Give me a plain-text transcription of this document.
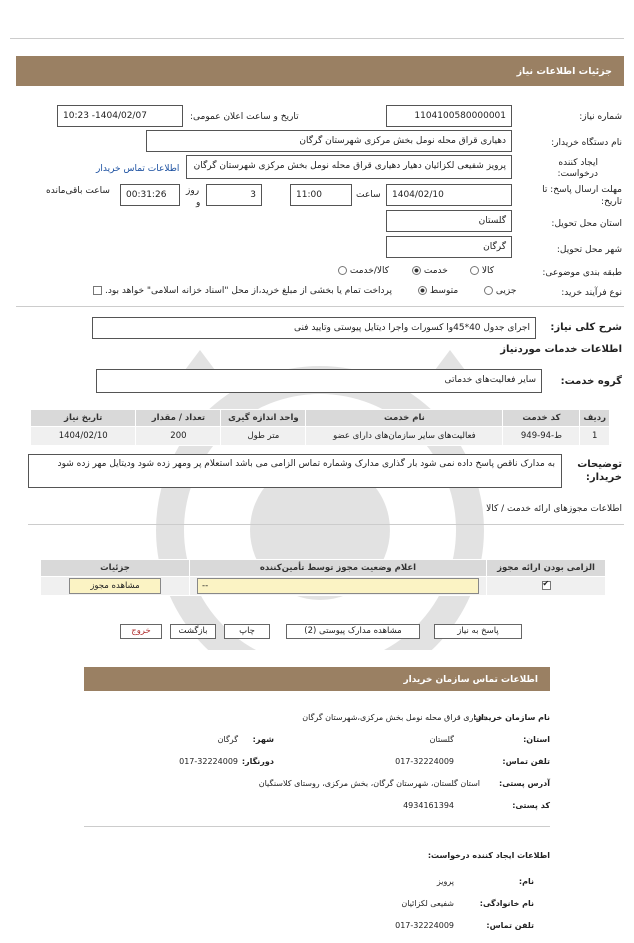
جزئیات اطلاعات نیاز
شماره نیاز:
1104100580000001
تاریخ و ساعت اعلان عمومی:
1404/02/07- 10:23
نام دستگاه خریدار:
دهیاری قراق محله نومل بخش مرکزی شهرستان گرگان
ایجاد کننده
درخواست:
پرویز شفیعی لکزائیان دهیار دهیاری قراق محله نومل بخش مرکزی شهرستان گرگان
اطلاعات تماس خریدار
مهلت ارسال پاسخ: تا
تاریخ:
1404/02/10
ساعت
11:00
3
روز
و
00:31:26
ساعت باقی‌مانده
استان محل تحویل:
گلستان
شهر محل تحویل:
گرگان
طبقه بندی موضوعی:
کالا
خدمت
کالا/خدمت
نوع فرآیند خرید:
جزیی
متوسط
پرداخت تمام یا بخشی از مبلغ خرید،از محل "اسناد خزانه اسلامی" خواهد بود.
شرح کلی نیاز:
اجرای جدول 40*45وا کسورات واجرا دیتایل پیوستی وتایید فنی
اطلاعات خدمات موردنیاز
گروه خدمت:
سایر فعالیت‌های خدماتی
ردیف	کد خدمت	نام خدمت	واحد اندازه گیری	تعداد / مقدار	تاریخ نیاز
1	ط-94-949	فعالیت‌های سایر سازمان‌های دارای عضو	متر طول	200	1404/02/10
توضیحات
خریدار:
به مدارک ناقص پاسخ داده نمی شود بار گذاری مدارک وشماره تماس الزامی می باشد استعلام پر ومهر زده شود ودیتایل مهر زده شود
اطلاعات مجوزهای ارائه خدمت / کالا
الزامی بودن ارائه مجوز	اعلام وضعیت مجوز توسط تأمین‌کننده	جزئیات

✔	--	مشاهده مجوز
پاسخ به نیاز
مشاهده مدارک پیوستی (2)
چاپ
بازگشت
خروج
اطلاعات تماس سازمان خریدار
نام سازمان خریدار:
دهیاری قراق محله نومل بخش مرکزی،شهرستان گرگان
استان:
گلستان
شهر:
گرگان
تلفن تماس:
017-32224009
دورنگار:
017-32224009
آدرس پستی:
استان گلستان، شهرستان گرگان، بخش مرکزی، روستای کلاسنگیان
کد پستی:
4934161394
اطلاعات ایجاد کننده درخواست:
نام:
پرویز
نام خانوادگی:
شفیعی لکزائیان
تلفن تماس:
017-32224009
